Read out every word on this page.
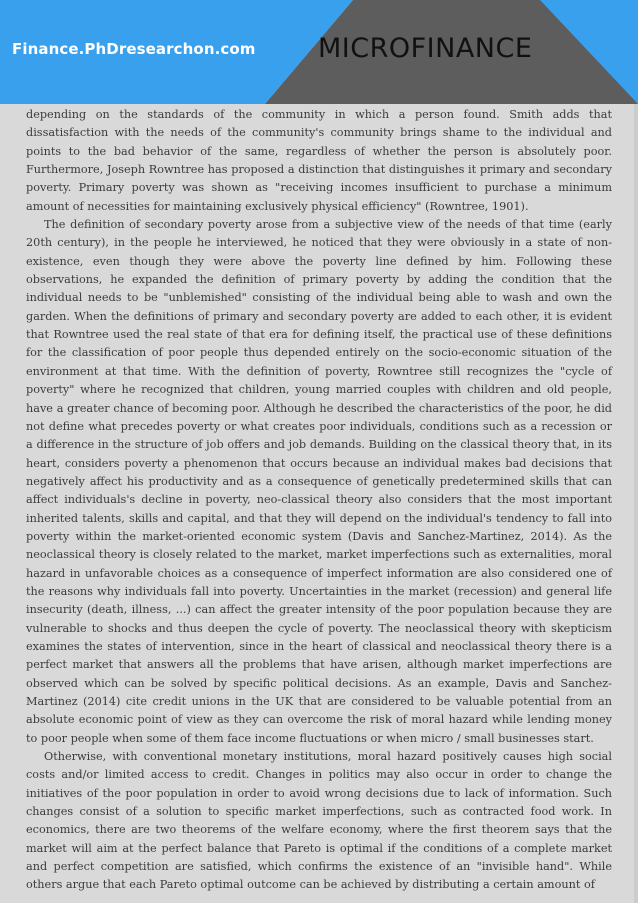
Finance.PhDresearchon.com MICROFINANCE

depending on the standards of the community in which a person found. Smith adds that dissatisfaction with the needs of the community's community brings shame to the individual and points to the bad behavior of the same, regardless of whether the person is absolutely poor. Furthermore, Joseph Rowntree has proposed a distinction that distinguishes it primary and secondary poverty. Primary poverty was shown as "receiving incomes insufficient to purchase a minimum amount of necessities for maintaining exclusively physical efficiency" (Rowntree, 1901).

The definition of secondary poverty arose from a subjective view of the needs of that time (early 20th century), in the people he interviewed, he noticed that they were obviously in a state of non-existence, even though they were above the poverty line defined by him. Following these observations, he expanded the definition of primary poverty by adding the condition that the individual needs to be "unblemished" consisting of the individual being able to wash and own the garden. When the definitions of primary and secondary poverty are added to each other, it is evident that Rowntree used the real state of that era for defining itself, the practical use of these definitions for the classification of poor people thus depended entirely on the socio-economic situation of the environment at that time. With the definition of poverty, Rowntree still recognizes the "cycle of poverty" where he recognized that children, young married couples with children and old people, have a greater chance of becoming poor. Although he described the characteristics of the poor, he did not define what precedes poverty or what creates poor individuals, conditions such as a recession or a difference in the structure of job offers and job demands. Building on the classical theory that, in its heart, considers poverty a phenomenon that occurs because an individual makes bad decisions that negatively affect his productivity and as a consequence of genetically predetermined skills that can affect individuals's decline in poverty, neo-classical theory also considers that the most important inherited talents, skills and capital, and that they will depend on the individual's tendency to fall into poverty within the market-oriented economic system (Davis and Sanchez-Martinez, 2014). As the neoclassical theory is closely related to the market, market imperfections such as externalities, moral hazard in unfavorable choices as a consequence of imperfect information are also considered one of the reasons why individuals fall into poverty. Uncertainties in the market (recession) and general life insecurity (death, illness, ...) can affect the greater intensity of the poor population because they are vulnerable to shocks and thus deepen the cycle of poverty. The neoclassical theory with skepticism examines the states of intervention, since in the heart of classical and neoclassical theory there is a perfect market that answers all the problems that have arisen, although market imperfections are observed which can be solved by specific political decisions. As an example, Davis and Sanchez-Martinez (2014) cite credit unions in the UK that are considered to be valuable potential from an absolute economic point of view as they can overcome the risk of moral hazard while lending money to poor people when some of them face income fluctuations or when micro / small businesses start.

Otherwise, with conventional monetary institutions, moral hazard positively causes high social costs and/or limited access to credit. Changes in politics may also occur in order to change the initiatives of the poor population in order to avoid wrong decisions due to lack of information. Such changes consist of a solution to specific market imperfections, such as contracted food work. In economics, there are two theorems of the welfare economy, where the first theorem says that the market will aim at the perfect balance that Pareto is optimal if the conditions of a complete market and perfect competition are satisfied, which confirms the existence of an "invisible hand". While others argue that each Pareto optimal outcome can be achieved by distributing a certain amount of
